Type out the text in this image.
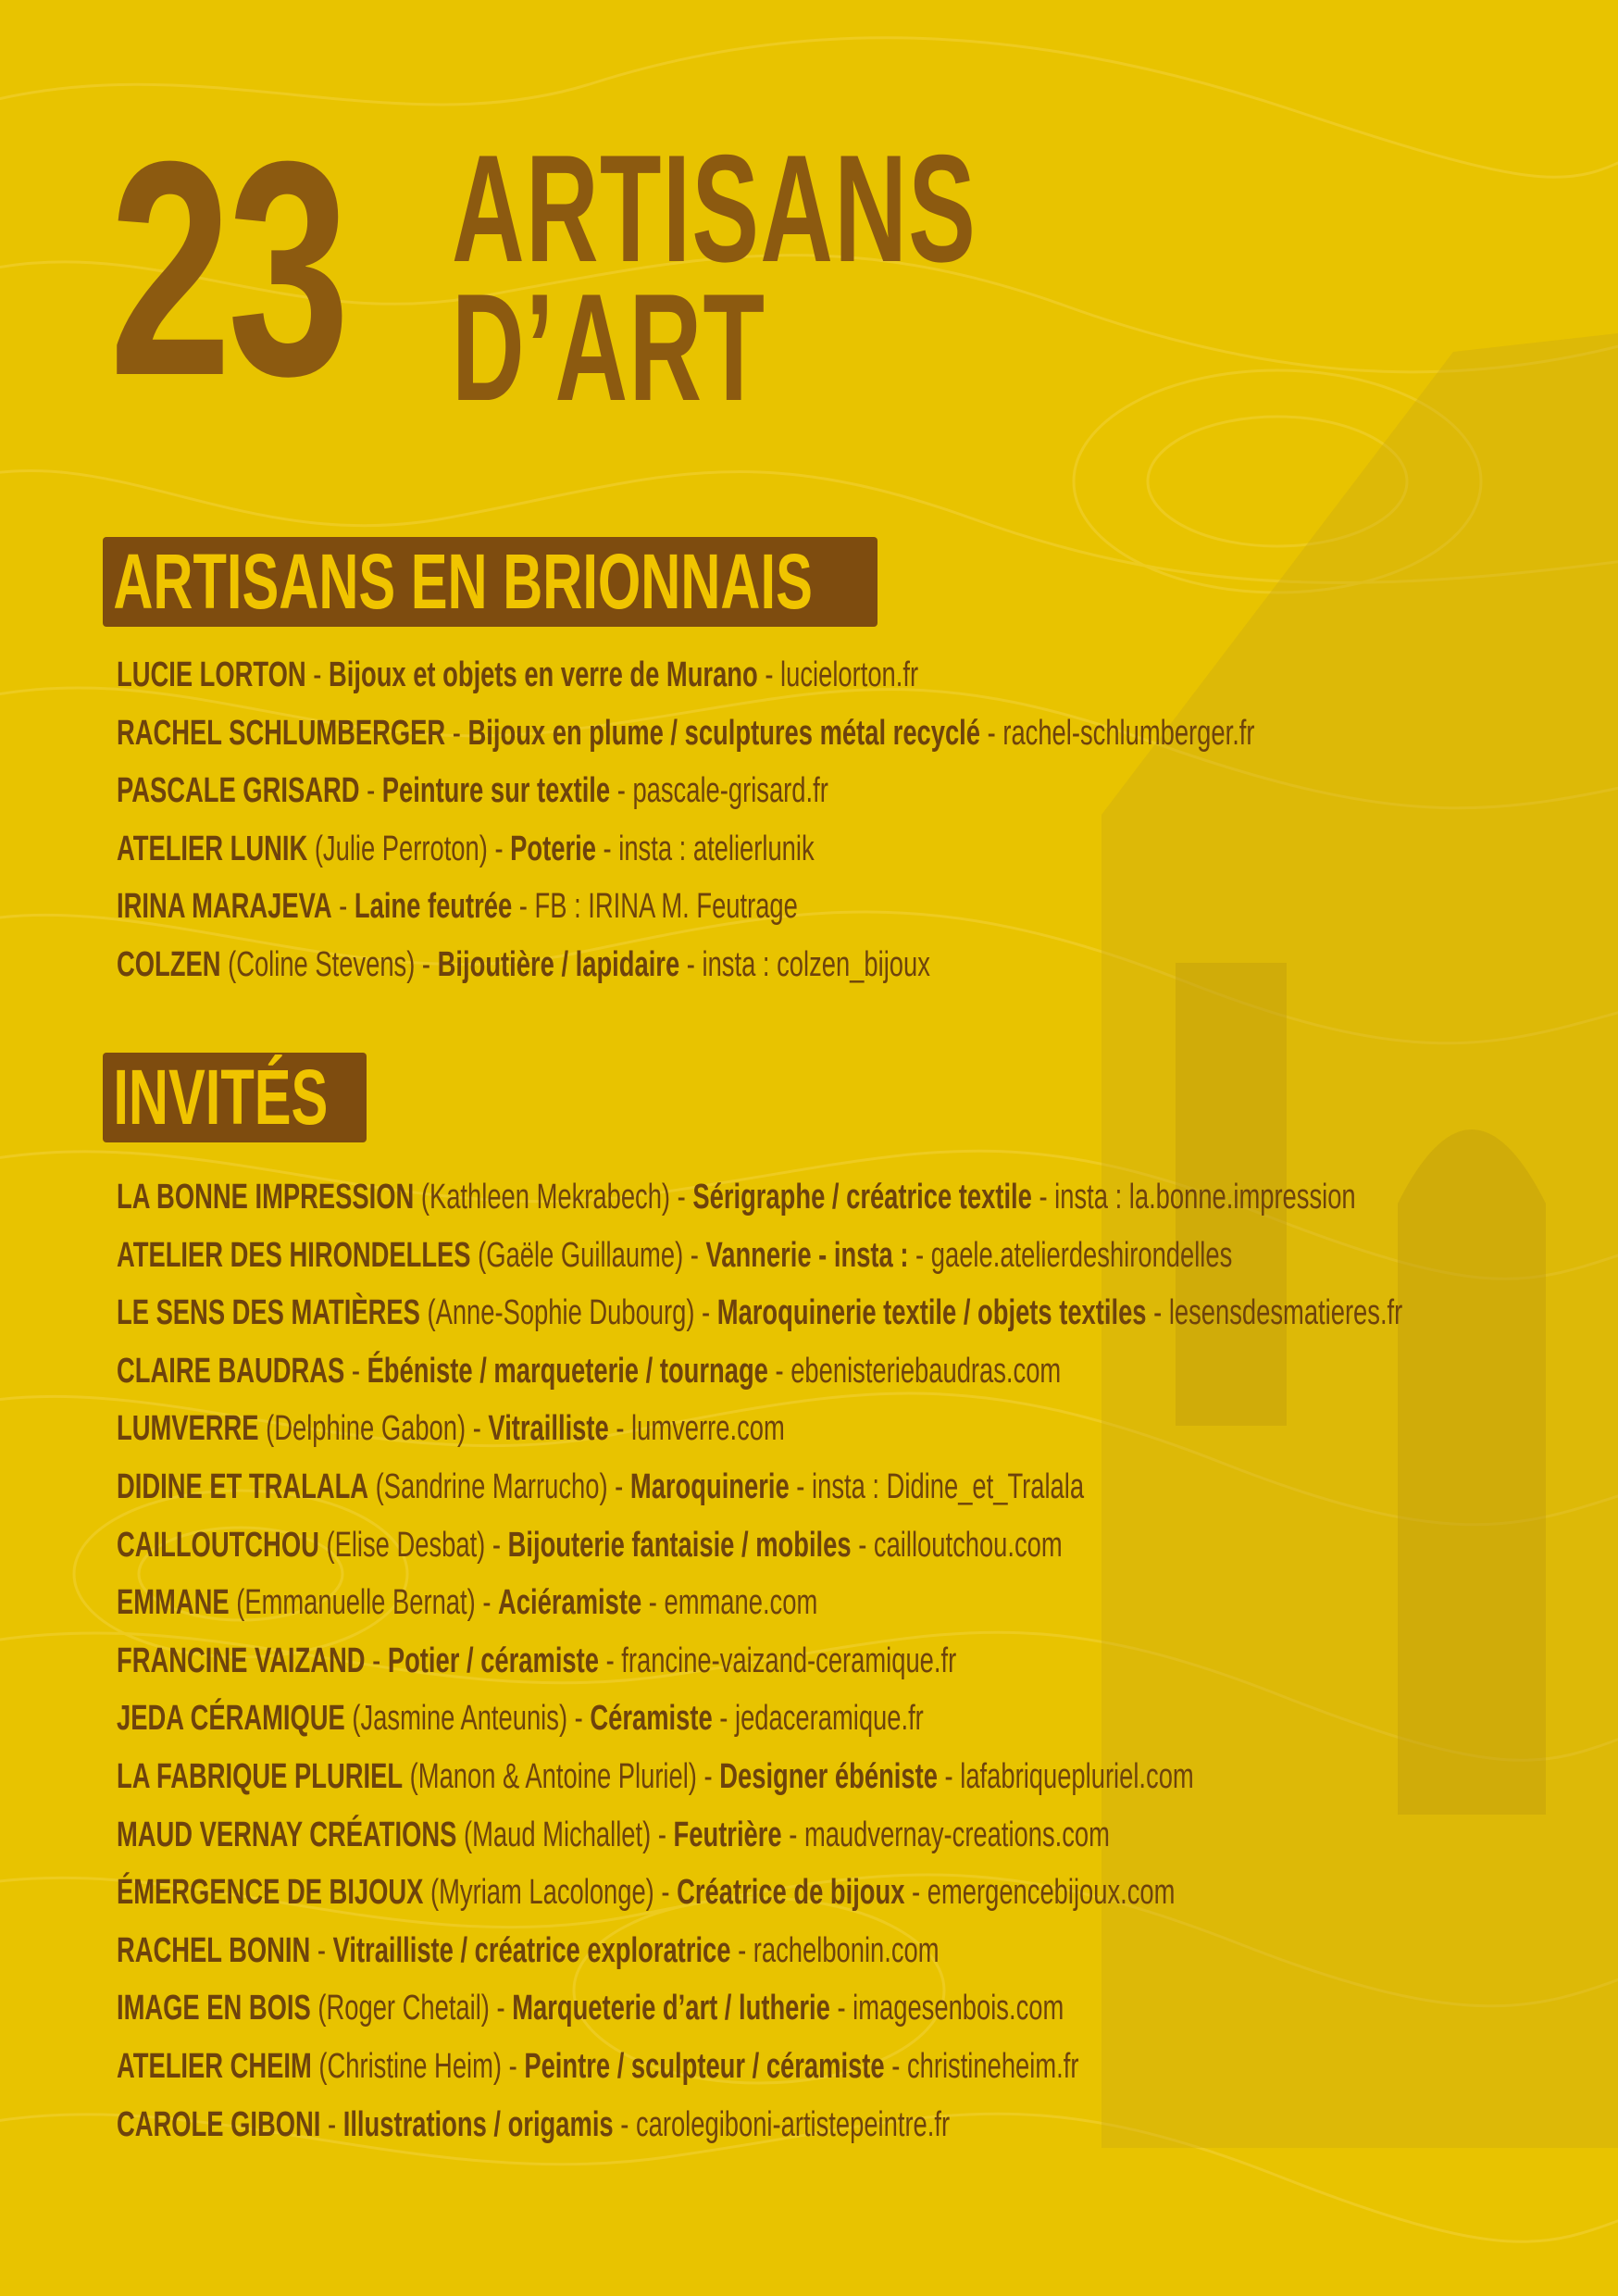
23 ARTISANS
D’ART
ARTISANS EN BRIONNAIS
LUCIE LORTON - Bijoux et objets en verre de Murano - lucielorton.fr
RACHEL SCHLUMBERGER - Bijoux en plume / sculptures métal recyclé - rachel-schlumberger.fr
PASCALE GRISARD - Peinture sur textile - pascale-grisard.fr
ATELIER LUNIK (Julie Perroton) - Poterie - insta : atelierlunik
IRINA MARAJEVA - Laine feutrée - FB : IRINA M. Feutrage
COLZEN (Coline Stevens) - Bijoutière / lapidaire - insta : colzen_bijoux
INVITÉS
LA BONNE IMPRESSION (Kathleen Mekrabech) - Sérigraphe / créatrice textile - insta : la.bonne.impression
ATELIER DES HIRONDELLES (Gaële Guillaume) - Vannerie - insta : - gaele.atelierdeshirondelles
LE SENS DES MATIÈRES (Anne-Sophie Dubourg) - Maroquinerie textile / objets textiles - lesensdesmatieres.fr
CLAIRE BAUDRAS - Ébéniste / marqueterie / tournage - ebenisteriebaudras.com
LUMVERRE (Delphine Gabon) - Vitrailliste - lumverre.com
DIDINE ET TRALALA (Sandrine Marrucho) - Maroquinerie - insta : Didine_et_Tralala
CAILLOUTCHOU (Elise Desbat) - Bijouterie fantaisie / mobiles - cailloutchou.com
EMMANE (Emmanuelle Bernat) - Aciéramiste - emmane.com
FRANCINE VAIZAND - Potier / céramiste - francine-vaizand-ceramique.fr
JEDA CÉRAMIQUE (Jasmine Anteunis) - Céramiste - jedaceramique.fr
LA FABRIQUE PLURIEL (Manon & Antoine Pluriel) - Designer ébéniste - lafabriquepluriel.com
MAUD VERNAY CRÉATIONS (Maud Michallet) - Feutrière - maudvernay-creations.com
ÉMERGENCE DE BIJOUX (Myriam Lacolonge) - Créatrice de bijoux - emergencebijoux.com
RACHEL BONIN - Vitrailliste / créatrice exploratrice - rachelbonin.com
IMAGE EN BOIS (Roger Chetail) - Marqueterie d’art / lutherie - imagesenbois.com
ATELIER CHEIM (Christine Heim) - Peintre / sculpteur / céramiste - christineheim.fr
CAROLE GIBONI - Illustrations / origamis - carolegiboni-artistepeintre.fr
